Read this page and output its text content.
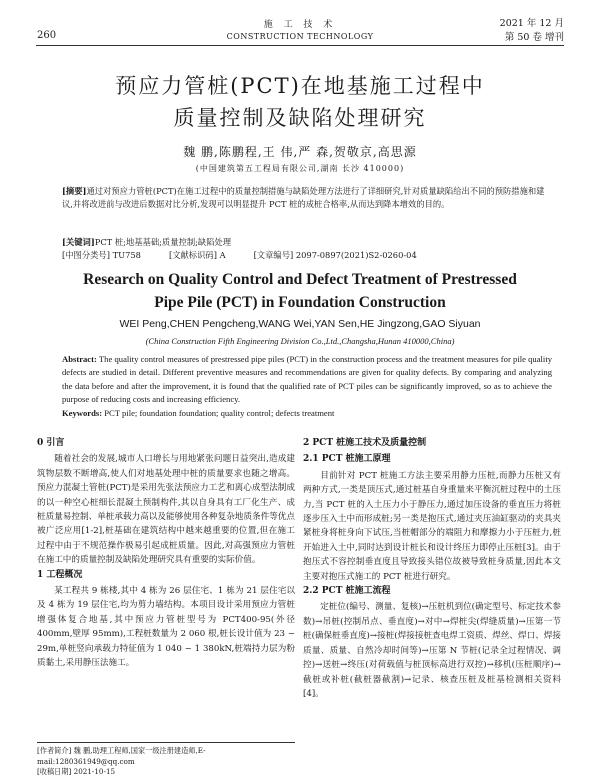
260
施 工 技 术
CONSTRUCTION TECHNOLOGY
2021 年 12 月
第 50 卷 增刊
预应力管桩(PCT)在地基施工过程中
质量控制及缺陷处理研究
魏 鹏,陈鹏程,王 伟,严 森,贺敬京,高思源
(中国建筑第五工程局有限公司,湖南 长沙 410000)
[摘要]通过对预应力管桩(PCT)在施工过程中的质量控制措施与缺陷处理方法进行了详细研究,针对质量缺陷给出不同的预防措施和建议,并将改进前与改进后数据对比分析,发现可以明显提升 PCT 桩的成桩合格率,从而达到降本增效的目的。
[关键词]PCT 桩;地基基础;质量控制;缺陷处理
[中图分类号] TU758	[文献标识码] A	[文章编号] 2097-0897(2021)S2-0260-04
Research on Quality Control and Defect Treatment of Prestressed
Pipe Pile (PCT) in Foundation Construction
WEI Peng,CHEN Pengcheng,WANG Wei,YAN Sen,HE Jingzong,GAO Siyuan
(China Construction Fifth Engineering Division Co.,Ltd.,Changsha,Hunan 410000,China)
Abstract: The quality control measures of prestressed pipe piles (PCT) in the construction process and the treatment measures for pile quality defects are studied in detail. Different preventive measures and recommendations are given for quality defects. By comparing and analyzing the data before and after the improvement, it is found that the qualified rate of PCT piles can be significantly improved, so as to achieve the purpose of reducing costs and increasing efficiency.
Keywords: PCT pile; foundation foundation; quality control; defects treatment
0 引言
随着社会的发展,城市人口增长与用地紧张问题日益突出,造成建筑物层数不断增高,使人们对地基处理中桩的质量要求也随之增高。预应力混凝土管桩(PCT)是采用先张法预应力工艺和离心成型法制成的以一种空心桩细长混凝土预制构件,其以自身具有工厂化生产、成桩质量易控制、单桩承载力高以及能够使用各种复杂地质条件等优点被广泛应用[1-2],桩基础在建筑结构中越来越重要的位置,但在施工过程中由于不规范操作极易引起成桩质量。因此,对高强预应力管桩在施工中的质量控制及缺陷处理研究具有重要的实际价值。
1 工程概况
某工程共 9 栋楼,其中 4 栋为 26 层住宅、1 栋为 21 层住宅以及 4 栋为 19 层住宅,均为剪力墙结构。本项目设计采用预应力管桩增强体复合地基,其中预应力管桩型号为 PCT400-95(外径 400mm,壁厚 95mm),工程桩数量为 2 060 根,桩长设计值为 23 ~ 29m,单桩竖向承载力特征值为 1 040 ~ 1 380kN,桩端持力层为粉质黏土,采用静压法施工。
2 PCT 桩施工技术及质量控制
2.1 PCT 桩施工原理
目前针对 PCT 桩施工方法主要采用静力压桩,而静力压桩又有两种方式,一类是顶压式,通过桩基自身重量来平衡沉桩过程中的土压力,当 PCT 桩的入土压力小于静压力,通过加压设备的垂直压力将桩逐步压入土中而形成桩;另一类是抱压式,通过夹压油缸驱动的夹具夹紧桩身将桩身向下试压,当桩帽部分的端阻力和摩擦力小于压桩力,桩开始进入土中,同时达到设计桩长和设计终压力即停止压桩[3]。由于抱压式不容控制垂直度且导致接头错位故被导致桩身质量,因此本文主要对抱压式施工的 PCT 桩进行研究。
2.2 PCT 桩施工流程
定桩位(编号、测量、复核)→压桩机到位(确定型号、标定技术参数)→吊桩(控制吊点、垂直度)→对中→焊桩尖(焊缝质量)→压第一节桩(确保桩垂直度)→接桩(焊接接桩查电焊工资质、焊丝、焊口、焊接质量、质量、自然冷却时间等)→压第 N 节桩(记录全过程情况、调控)→送桩→终压(对荷载值与桩顶标高进行双控)→移机(压桩顺序)→截桩或补桩(截桩器截割)→记录、核查压桩及桩基检测相关资料[4]。
[作者简介] 魏 鹏,助理工程师,国家一级注册建造师,E-mail:1280361949@qq.com
[收稿日期] 2021-10-15
